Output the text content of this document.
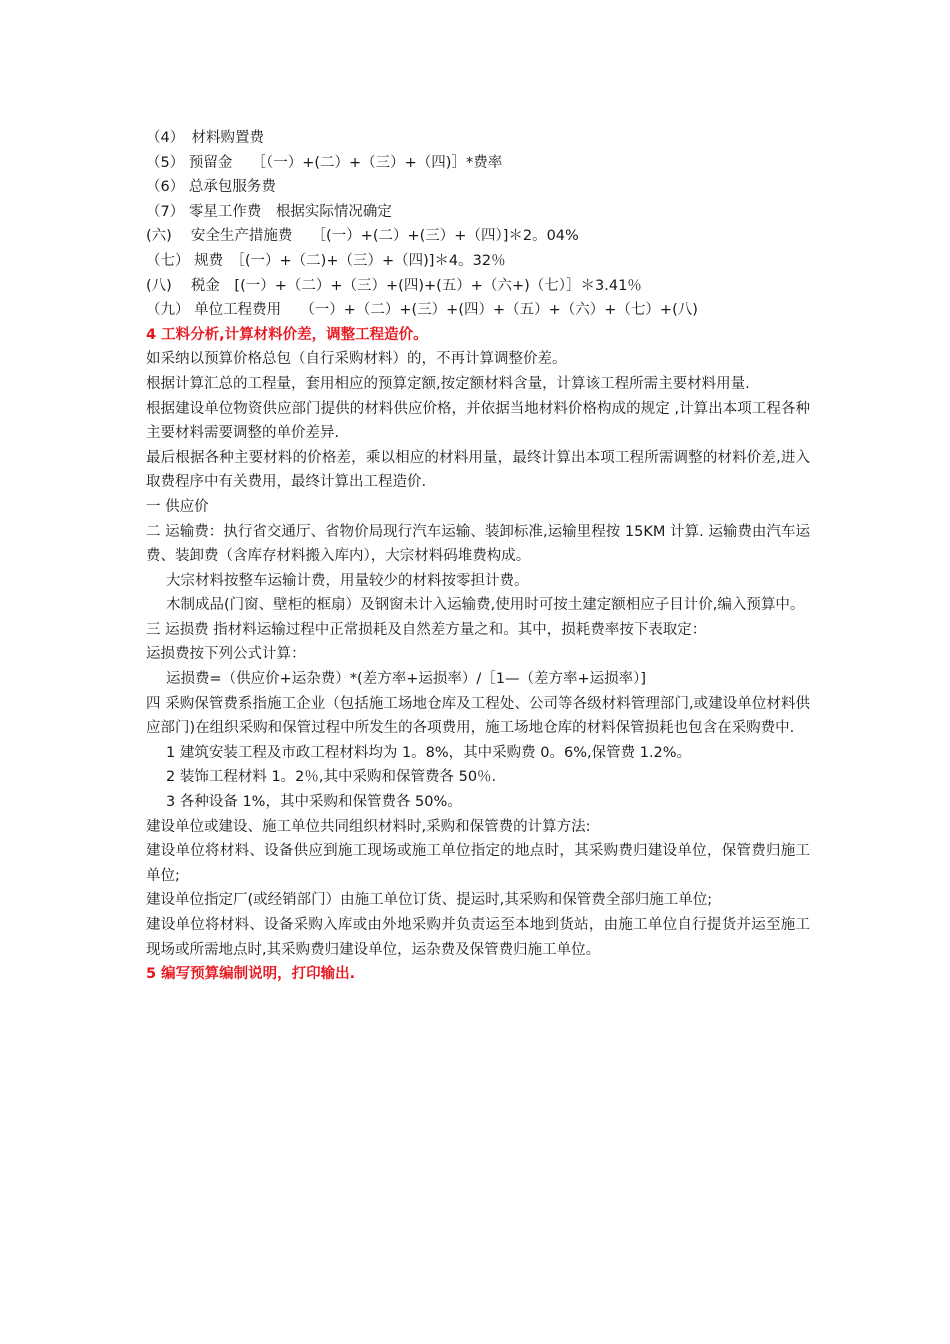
（4）　材料购置费
（5） 预留金　 ［（一）+(二）+（三）+（四)］*费率
（6） 总承包服务费
（7） 零星工作费　根据实际情况确定
(六)　 安全生产措施费　 ［(一）+(二）+(三）+（四）]＊2。04%
（七） 规费　［(一）+（二)+（三）+（四)]＊4。32％
(八)　 税金　[(一）+（二）+（三）+(四)+(五）+（六+)（七）］＊3.41％
（九） 单位工程费用　 （一）+（二）+(三）+(四）+（五）+（六）+（七）+(八)
4 工料分析,计算材料价差，调整工程造价。
如采纳以预算价格总包（自行采购材料）的，不再计算调整价差。
根据计算汇总的工程量，套用相应的预算定额,按定额材料含量，计算该工程所需主要材料用量.
根据建设单位物资供应部门提供的材料供应价格，并依据当地材料价格构成的规定 ,计算出本项工程各种主要材料需要调整的单价差异.
最后根据各种主要材料的价格差，乘以相应的材料用量，最终计算出本项工程所需调整的材料价差,进入取费程序中有关费用，最终计算出工程造价.
一 供应价
二 运输费：执行省交通厅、省物价局现行汽车运输、装卸标准,运输里程按 15KM 计算. 运输费由汽车运费、装卸费（含库存材料搬入库内），大宗材料码堆费构成。
大宗材料按整车运输计费，用量较少的材料按零担计费。
木制成品(门窗、壁柜的框扇）及钢窗未计入运输费,使用时可按土建定额相应子目计价,编入预算中。
三 运损费 指材料运输过程中正常损耗及自然差方量之和。其中，损耗费率按下表取定：
运损费按下列公式计算：
运损费=（供应价+运杂费）*(差方率+运损率）/［1—（差方率+运损率）]
四 采购保管费系指施工企业（包括施工场地仓库及工程处、公司等各级材料管理部门,或建设单位材料供应部门)在组织采购和保管过程中所发生的各项费用，施工场地仓库的材料保管损耗也包含在采购费中.
1 建筑安装工程及市政工程材料均为 1。8%，其中采购费 0。6%,保管费 1.2%。
2 装饰工程材料 1。2％,其中采购和保管费各 50％.
3 各种设备 1%，其中采购和保管费各 50%。
建设单位或建设、施工单位共同组织材料时,采购和保管费的计算方法:
建设单位将材料、设备供应到施工现场或施工单位指定的地点时，其采购费归建设单位，保管费归施工单位;
建设单位指定厂(或经销部门）由施工单位订货、提运时,其采购和保管费全部归施工单位;
建设单位将材料、设备采购入库或由外地采购并负责运至本地到货站，由施工单位自行提货并运至施工现场或所需地点时,其采购费归建设单位，运杂费及保管费归施工单位。
5 编写预算编制说明，打印输出.
